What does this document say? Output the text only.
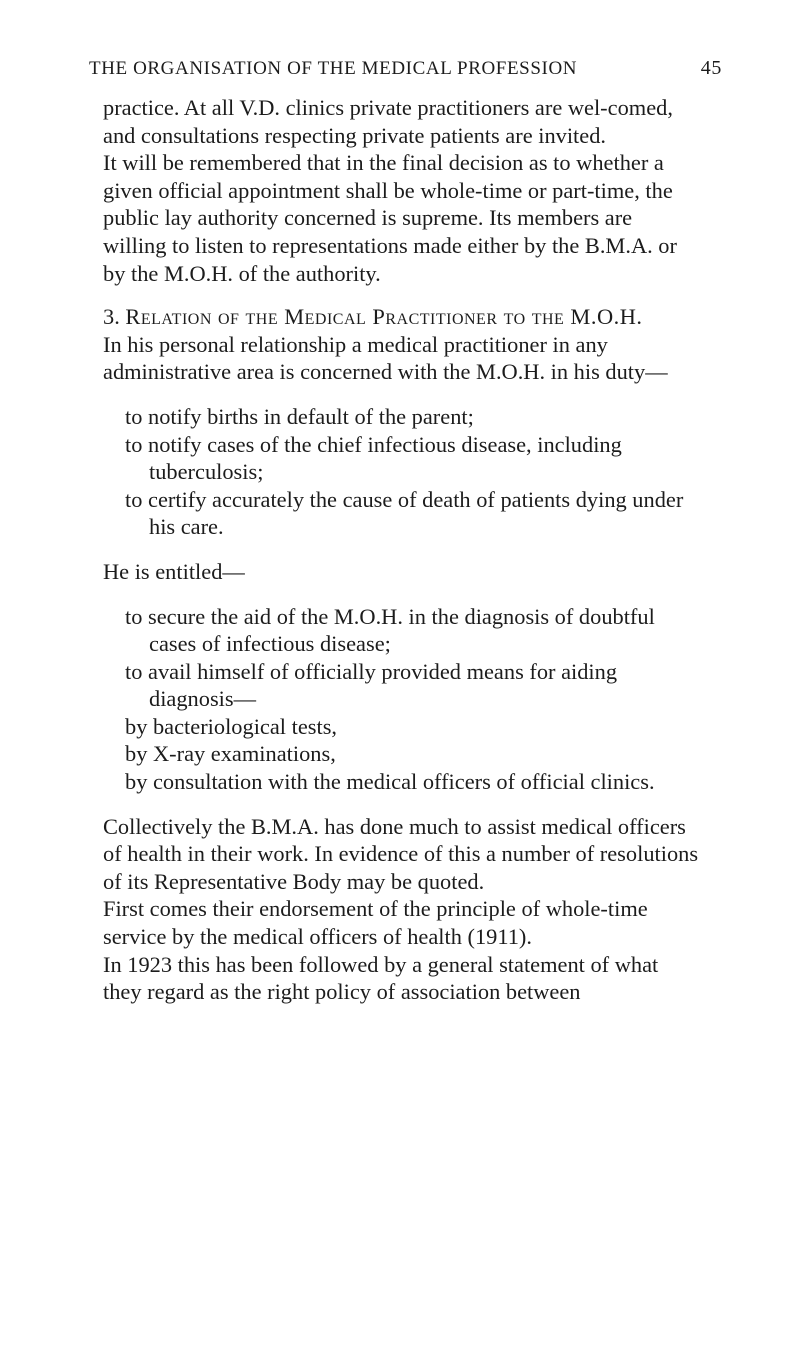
THE ORGANISATION OF THE MEDICAL PROFESSION	45

practice. At all V.D. clinics private practitioners are wel-comed, and consultations respecting private patients are invited.

It will be remembered that in the final decision as to whether a given official appointment shall be whole-time or part-time, the public lay authority concerned is supreme. Its members are willing to listen to representations made either by the B.M.A. or by the M.O.H. of the authority.

3. Relation of the Medical Practitioner to the M.O.H.

In his personal relationship a medical practitioner in any administrative area is concerned with the M.O.H. in his duty—

to notify births in default of the parent;
to notify cases of the chief infectious disease, including tuberculosis;
to certify accurately the cause of death of patients dying under his care.

He is entitled—

to secure the aid of the M.O.H. in the diagnosis of doubtful cases of infectious disease;
to avail himself of officially provided means for aiding diagnosis—
by bacteriological tests,
by X-ray examinations,
by consultation with the medical officers of official clinics.

Collectively the B.M.A. has done much to assist medical officers of health in their work. In evidence of this a number of resolutions of its Representative Body may be quoted.

First comes their endorsement of the principle of whole-time service by the medical officers of health (1911).

In 1923 this has been followed by a general statement of what they regard as the right policy of association between
